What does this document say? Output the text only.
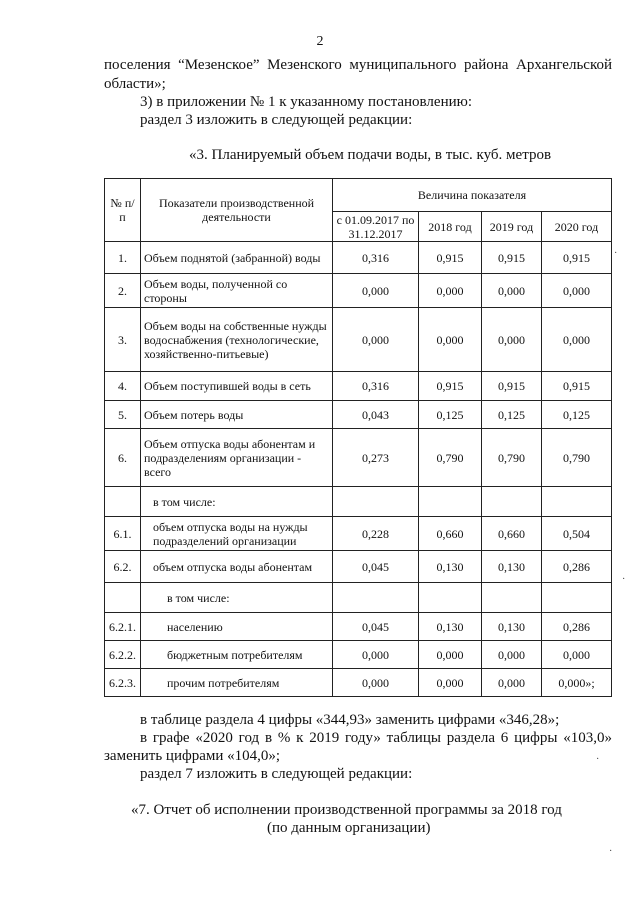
2

поселения “Мезенское” Мезенского муниципального района Архангельской

области»;

3) в приложении № 1 к указанному постановлению:

раздел 3 изложить в следующей редакции:

«3. Планируемый объем подачи воды, в тыс. куб. метров

№ п/п	Показатели производственной деятельности	Величина показателя			
		с 01.09.2017 по 31.12.2017	2018 год	2019 год	2020 год
1.	Объем поднятой (забранной) воды	0,316	0,915	0,915	0,915
2.	Объем воды, полученной со стороны	0,000	0,000	0,000	0,000
3.	Объем воды на собственные нужды водоснабжения (технологические, хозяйственно-питьевые)	0,000	0,000	0,000	0,000
4.	Объем поступившей воды в сеть	0,316	0,915	0,915	0,915
5.	Объем потерь воды	0,043	0,125	0,125	0,125
6.	Объем отпуска воды абонентам и подразделениям организации - всего	0,273	0,790	0,790	0,790
	в том числе:				
6.1.	объем отпуска воды на нужды подразделений организации	0,228	0,660	0,660	0,504
6.2.	объем отпуска воды абонентам	0,045	0,130	0,130	0,286
	в том числе:				
6.2.1.	населению	0,045	0,130	0,130	0,286
6.2.2.	бюджетным потребителям	0,000	0,000	0,000	0,000
6.2.3.	прочим потребителям	0,000	0,000	0,000	0,000»;

в таблице раздела 4 цифры «344,93» заменить цифрами «346,28»;

в графе «2020 год в % к 2019 году» таблицы раздела 6 цифры «103,0»

заменить цифрами «104,0»;

раздел 7 изложить в следующей редакции:

«7. Отчет об исполнении производственной программы за 2018 год

(по данным организации)

·
·
·
·
